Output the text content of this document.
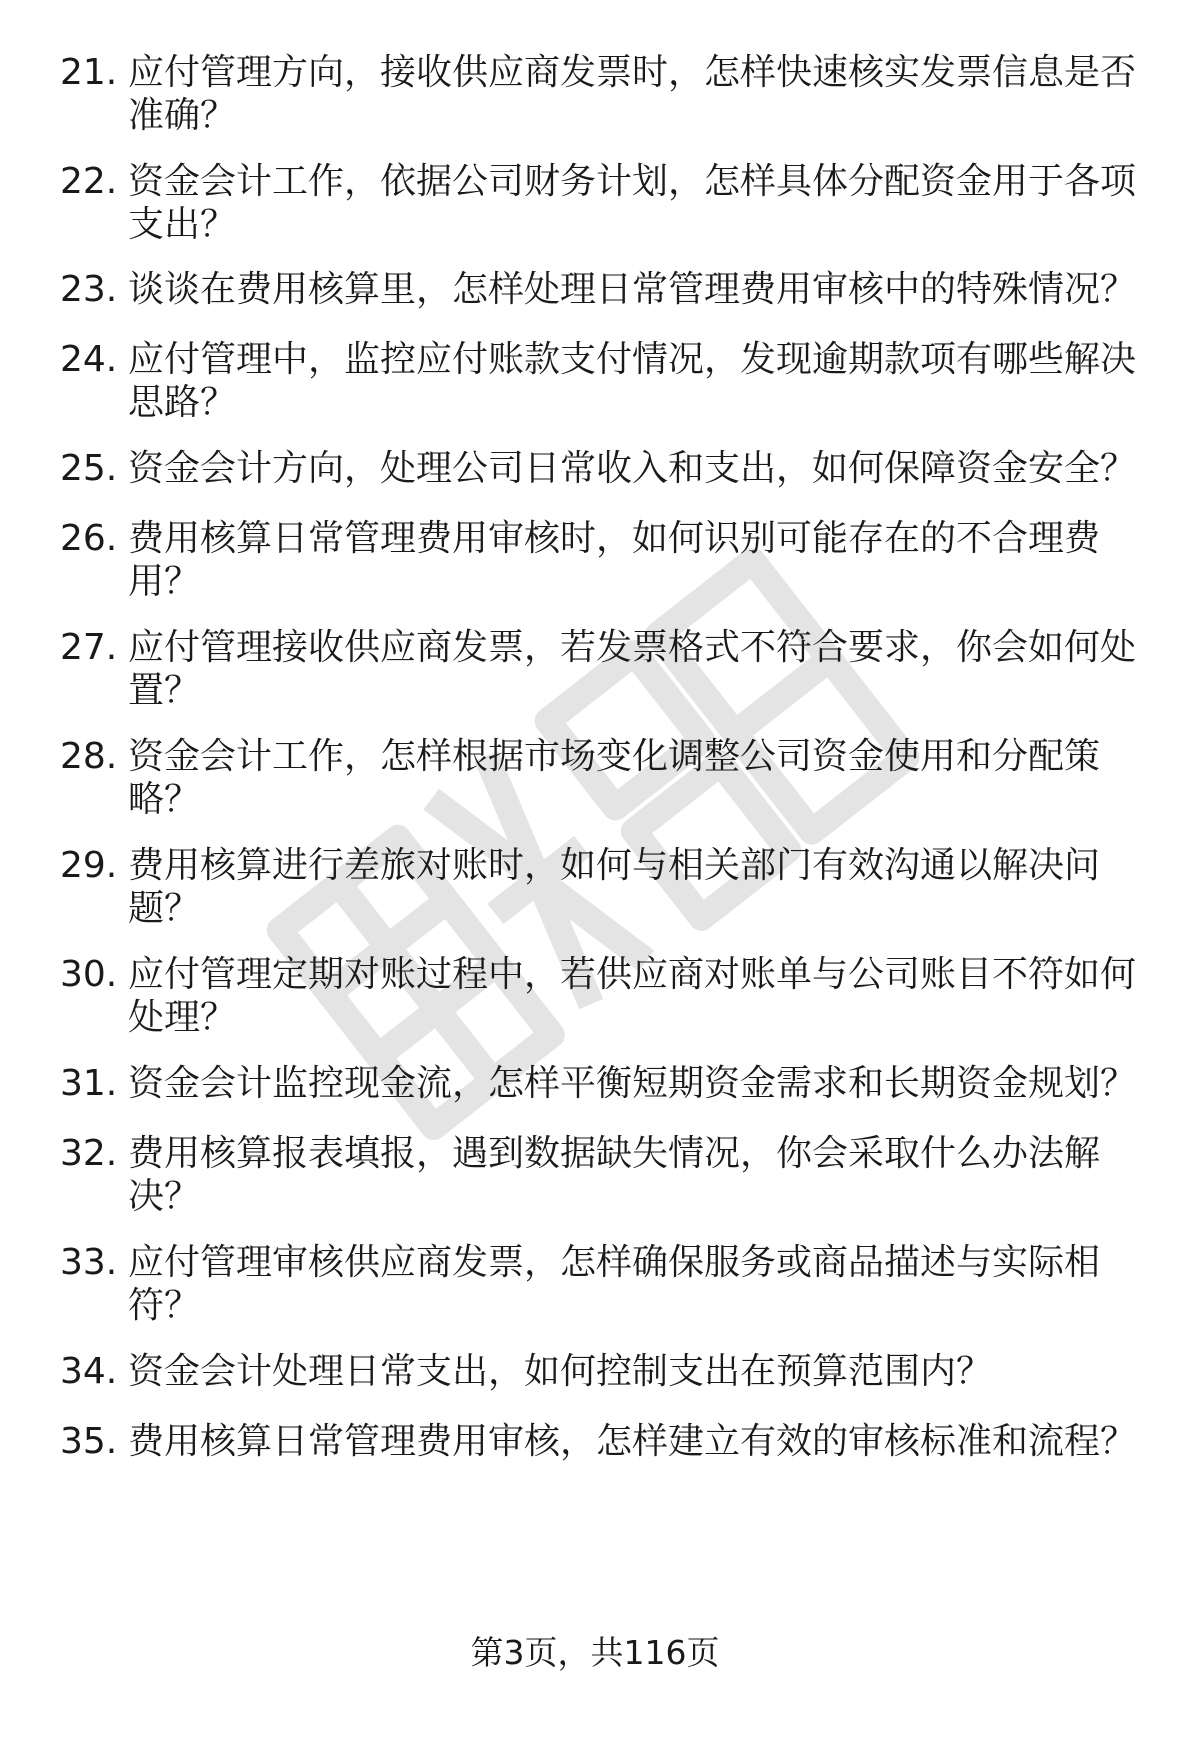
21. 应付管理方向，接收供应商发票时，怎样快速核实发票信息是否准确？
22. 资金会计工作，依据公司财务计划，怎样具体分配资金用于各项支出？
23. 谈谈在费用核算里，怎样处理日常管理费用审核中的特殊情况？
24. 应付管理中，监控应付账款支付情况，发现逾期款项有哪些解决思路？
25. 资金会计方向，处理公司日常收入和支出，如何保障资金安全？
26. 费用核算日常管理费用审核时，如何识别可能存在的不合理费用？
27. 应付管理接收供应商发票，若发票格式不符合要求，你会如何处置？
28. 资金会计工作，怎样根据市场变化调整公司资金使用和分配策略？
29. 费用核算进行差旅对账时，如何与相关部门有效沟通以解决问题？
30. 应付管理定期对账过程中，若供应商对账单与公司账目不符如何处理？
31. 资金会计监控现金流，怎样平衡短期资金需求和长期资金规划？
32. 费用核算报表填报，遇到数据缺失情况，你会采取什么办法解决？
33. 应付管理审核供应商发票，怎样确保服务或商品描述与实际相符？
34. 资金会计处理日常支出，如何控制支出在预算范围内？
35. 费用核算日常管理费用审核，怎样建立有效的审核标准和流程？
第3页，共116页
